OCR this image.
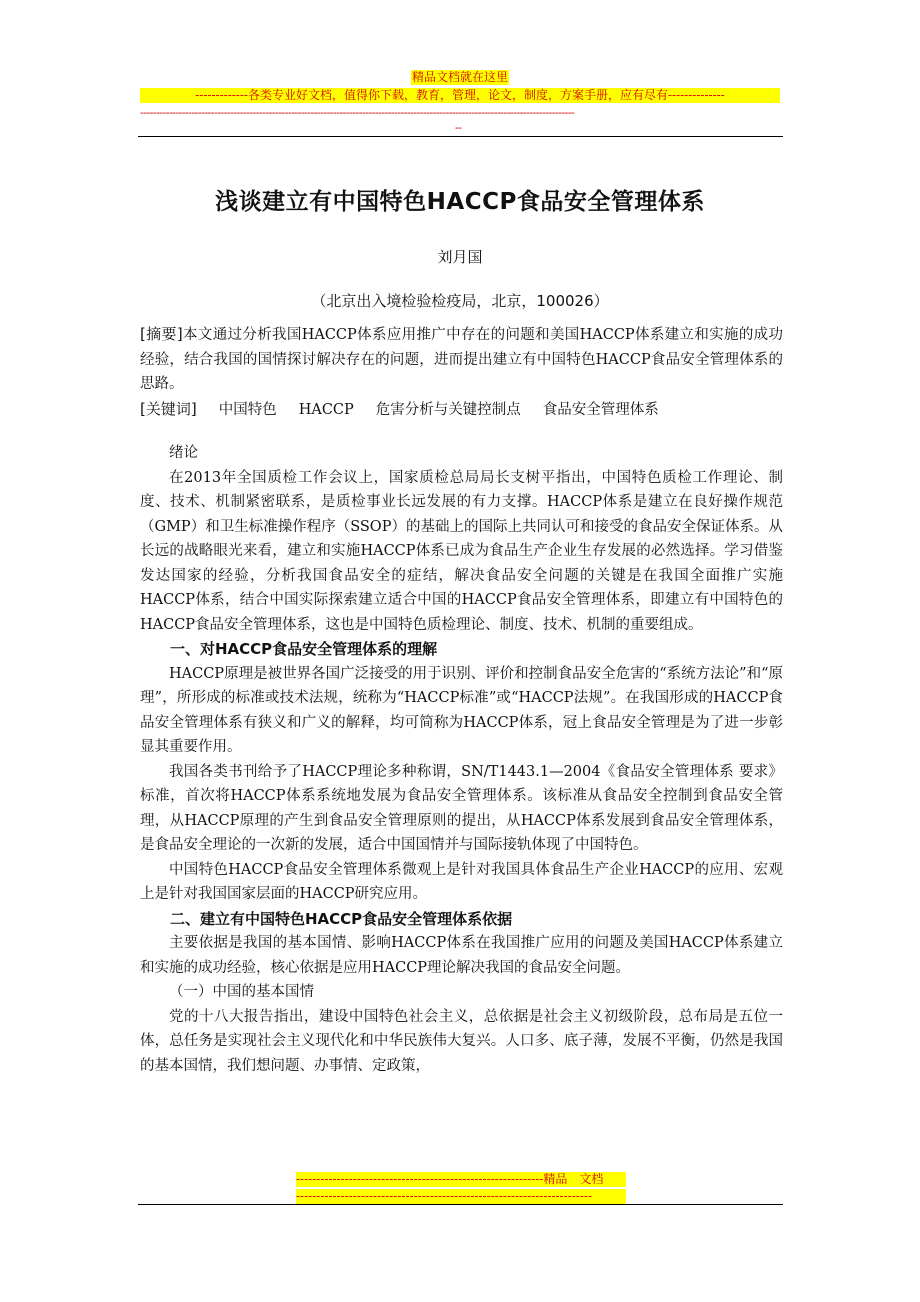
精品文档就在这里
-------------各类专业好文档，值得你下载，教育，管理，论文，制度，方案手册，应有尽有--------------
---------------------------------------------------------------------------------------------------------------------------------------
--
浅谈建立有中国特色HACCP食品安全管理体系
刘月国
（北京出入境检验检疫局，北京，100026）

[摘要]本文通过分析我国HACCP体系应用推广中存在的问题和美国HACCP体系建立和实施的成功经验，结合我国的国情探讨解决存在的问题，进而提出建立有中国特色HACCP食品安全管理体系的思路。

[关键词] 中国特色 HACCP 危害分析与关键控制点 食品安全管理体系

绪论

在2013年全国质检工作会议上，国家质检总局局长支树平指出，中国特色质检工作理论、制度、技术、机制紧密联系，是质检事业长远发展的有力支撑。HACCP体系是建立在良好操作规范（GMP）和卫生标准操作程序（SSOP）的基础上的国际上共同认可和接受的食品安全保证体系。从长远的战略眼光来看，建立和实施HACCP体系已成为食品生产企业生存发展的必然选择。学习借鉴发达国家的经验，分析我国食品安全的症结，解决食品安全问题的关键是在我国全面推广实施HACCP体系，结合中国实际探索建立适合中国的HACCP食品安全管理体系，即建立有中国特色的HACCP食品安全管理体系，这也是中国特色质检理论、制度、技术、机制的重要组成。

一、对HACCP食品安全管理体系的理解

HACCP原理是被世界各国广泛接受的用于识别、评价和控制食品安全危害的“系统方法论”和“原理”，所形成的标准或技术法规，统称为“HACCP标准”或“HACCP法规”。在我国形成的HACCP食品安全管理体系有狭义和广义的解释，均可简称为HACCP体系，冠上食品安全管理是为了进一步彰显其重要作用。

我国各类书刊给予了HACCP理论多种称谓，SN/T1443.1—2004《食品安全管理体系 要求》标准，首次将HACCP体系系统地发展为食品安全管理体系。该标准从食品安全控制到食品安全管理，从HACCP原理的产生到食品安全管理原则的提出，从HACCP体系发展到食品安全管理体系，是食品安全理论的一次新的发展，适合中国国情并与国际接轨体现了中国特色。

中国特色HACCP食品安全管理体系微观上是针对我国具体食品生产企业HACCP的应用、宏观上是针对我国国家层面的HACCP研究应用。

二、建立有中国特色HACCP食品安全管理体系依据

主要依据是我国的基本国情、影响HACCP体系在我国推广应用的问题及美国HACCP体系建立和实施的成功经验，核心依据是应用HACCP理论解决我国的食品安全问题。

（一）中国的基本国情

党的十八大报告指出，建设中国特色社会主义，总依据是社会主义初级阶段，总布局是五位一体，总任务是实现社会主义现代化和中华民族伟大复兴。人口多、底子薄，发展不平衡，仍然是我国的基本国情，我们想问题、办事情、定政策，

-------------------------------------------------------------精品　文档
-------------------------------------------------------------------------
